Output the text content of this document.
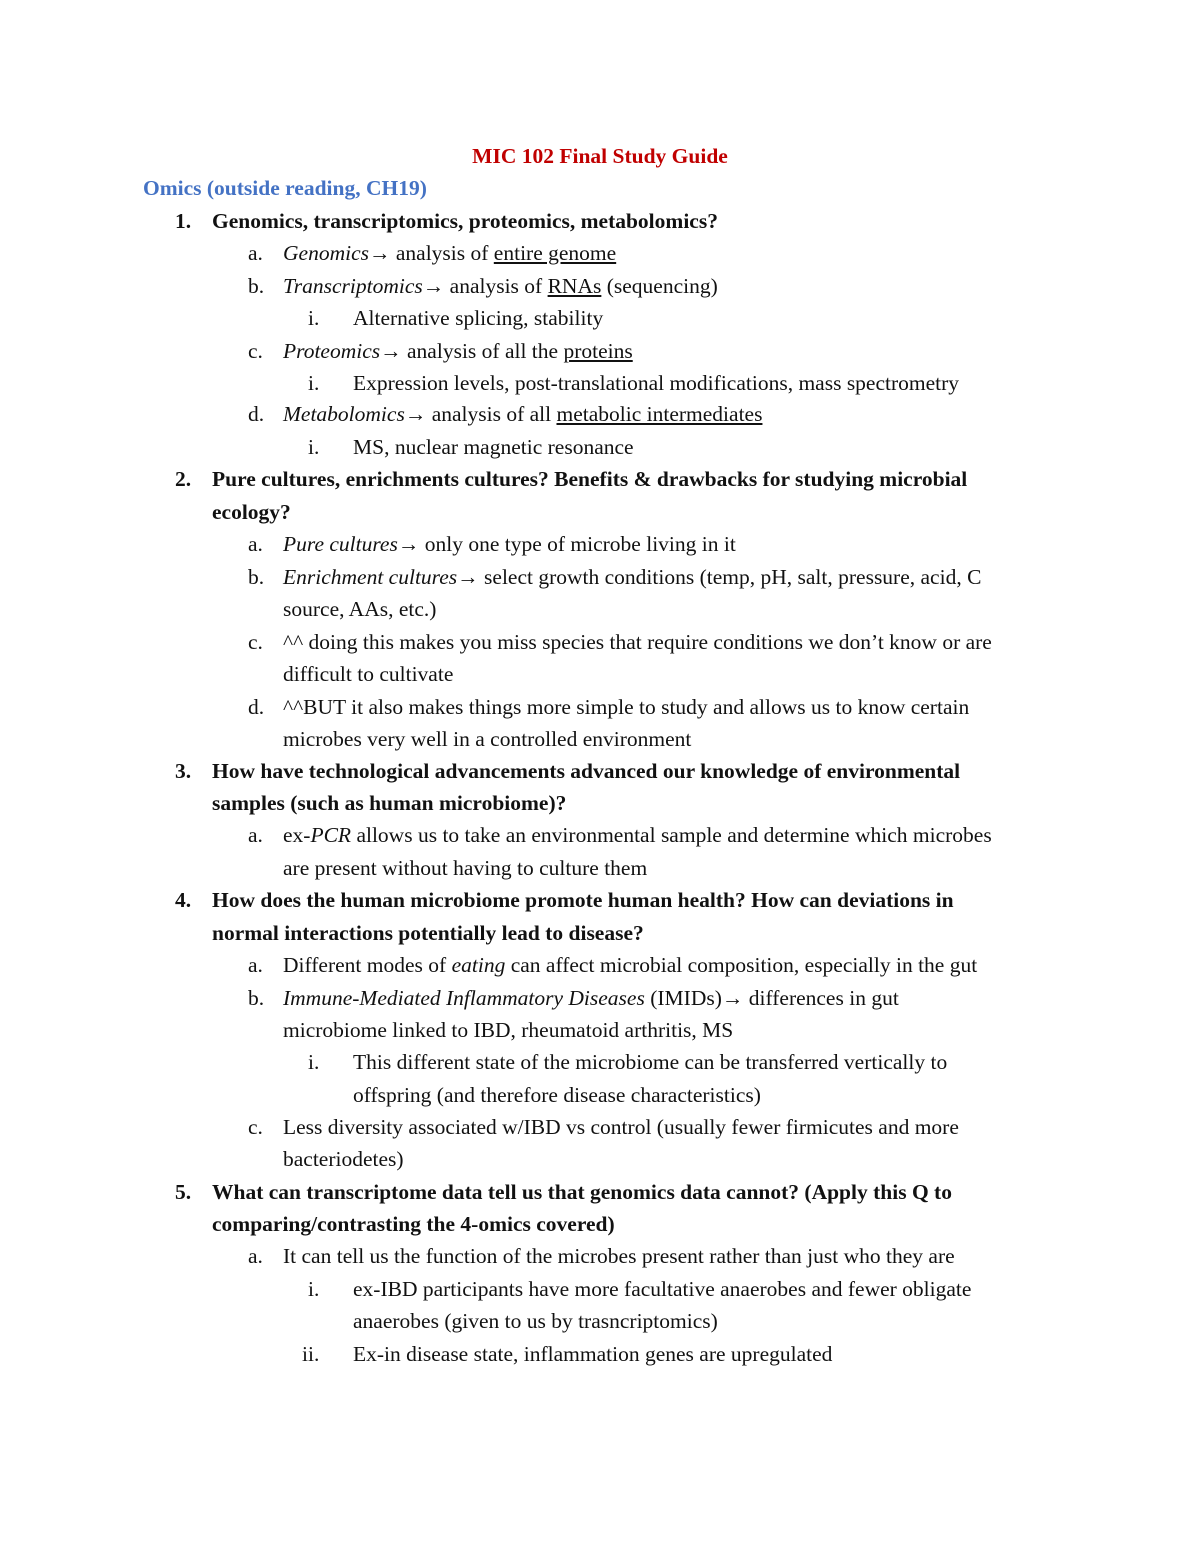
MIC 102 Final Study Guide
Omics (outside reading, CH19)
1. Genomics, transcriptomics, proteomics, metabolomics?
a. Genomics→ analysis of entire genome
b. Transcriptomics→ analysis of RNAs (sequencing)
i. Alternative splicing, stability
c. Proteomics→ analysis of all the proteins
i. Expression levels, post-translational modifications, mass spectrometry
d. Metabolomics→ analysis of all metabolic intermediates
i. MS, nuclear magnetic resonance
2. Pure cultures, enrichments cultures? Benefits & drawbacks for studying microbial
ecology?
a. Pure cultures→ only one type of microbe living in it
b. Enrichment cultures→ select growth conditions (temp, pH, salt, pressure, acid, C
source, AAs, etc.)
c. ^^ doing this makes you miss species that require conditions we don’t know or are
difficult to cultivate
d. ^^BUT it also makes things more simple to study and allows us to know certain
microbes very well in a controlled environment
3. How have technological advancements advanced our knowledge of environmental
samples (such as human microbiome)?
a. ex-PCR allows us to take an environmental sample and determine which microbes
are present without having to culture them
4. How does the human microbiome promote human health? How can deviations in
normal interactions potentially lead to disease?
a. Different modes of eating can affect microbial composition, especially in the gut
b. Immune-Mediated Inflammatory Diseases (IMIDs)→ differences in gut
microbiome linked to IBD, rheumatoid arthritis, MS
i. This different state of the microbiome can be transferred vertically to
offspring (and therefore disease characteristics)
c. Less diversity associated w/IBD vs control (usually fewer firmicutes and more
bacteriodetes)
5. What can transcriptome data tell us that genomics data cannot? (Apply this Q to
comparing/contrasting the 4-omics covered)
a. It can tell us the function of the microbes present rather than just who they are
i. ex-IBD participants have more facultative anaerobes and fewer obligate
anaerobes (given to us by trasncriptomics)
ii. Ex-in disease state, inflammation genes are upregulated
